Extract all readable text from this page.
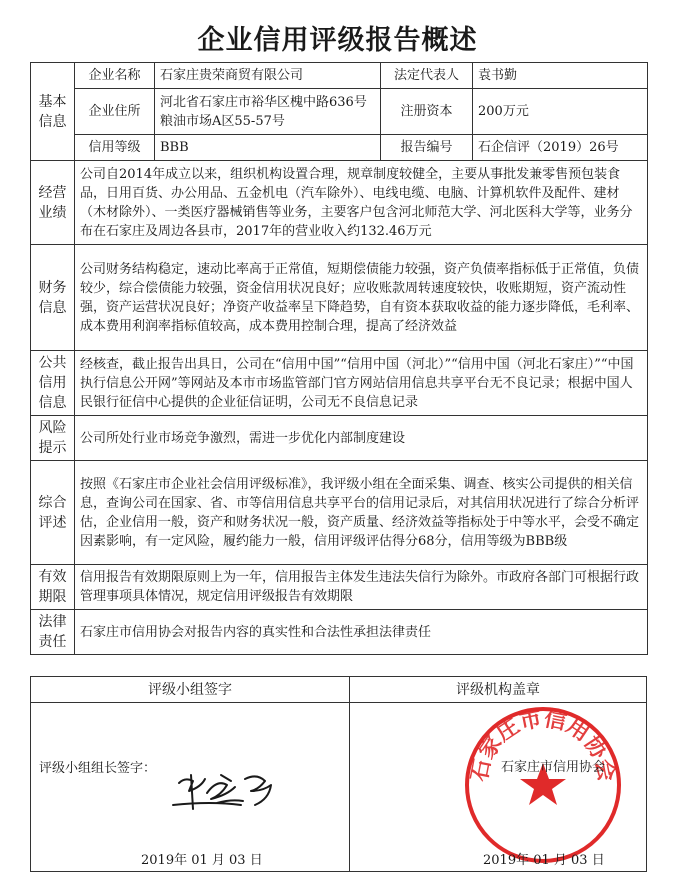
企业信用评级报告概述
基本信息	企业名称	石家庄贵荣商贸有限公司	法定代表人	袁书勤
	企业住所	河北省石家庄市裕华区槐中路636号粮油市场A区55-57号	注册资本	200万元
	信用等级	BBB	报告编号	石企信评（2019）26号
经营业绩	公司自2014年成立以来，组织机构设置合理，规章制度较健全，主要从事批发兼零售预包装食品，日用百货、办公用品、五金机电（汽车除外）、电线电缆、电脑、计算机软件及配件、建材（木材除外）、一类医疗器械销售等业务，主要客户包含河北师范大学、河北医科大学等，业务分布在石家庄及周边各县市，2017年的营业收入约132.46万元			
财务信息	公司财务结构稳定，速动比率高于正常值，短期偿债能力较强，资产负债率指标低于正常值，负债较少，综合偿债能力较强，资金信用状况良好；应收账款周转速度较快，收账期短，资产流动性强，资产运营状况良好；净资产收益率呈下降趋势，自有资本获取收益的能力逐步降低，毛利率、成本费用利润率指标值较高，成本费用控制合理，提高了经济效益			
公共信用信息	经核查，截止报告出具日，公司在“信用中国”“信用中国（河北）”“信用中国（河北石家庄）”“中国执行信息公开网”等网站及本市市场监管部门官方网站信用信息共享平台无不良记录；根据中国人民银行征信中心提供的企业征信证明，公司无不良信息记录			
风险提示	公司所处行业市场竞争激烈，需进一步优化内部制度建设			
综合评述	按照《石家庄市企业社会信用评级标准》，我评级小组在全面采集、调查、核实公司提供的相关信息，查询公司在国家、省、市等信用信息共享平台的信用记录后，对其信用状况进行了综合分析评估，企业信用一般，资产和财务状况一般，资产质量、经济效益等指标处于中等水平，会受不确定因素影响，有一定风险，履约能力一般，信用评级评估得分68分，信用等级为BBB级			
有效期限	信用报告有效期限原则上为一年，信用报告主体发生违法失信行为除外。市政府各部门可根据行政管理事项具体情况，规定信用评级报告有效期限			
法律责任	石家庄市信用协会对报告内容的真实性和合法性承担法律责任			
评级小组签字	评级机构盖章
评级小组组长签字：
2019年 01 月 03 日
石家庄市信用协会
石家庄市信用协会
2019年 01 月 03 日
